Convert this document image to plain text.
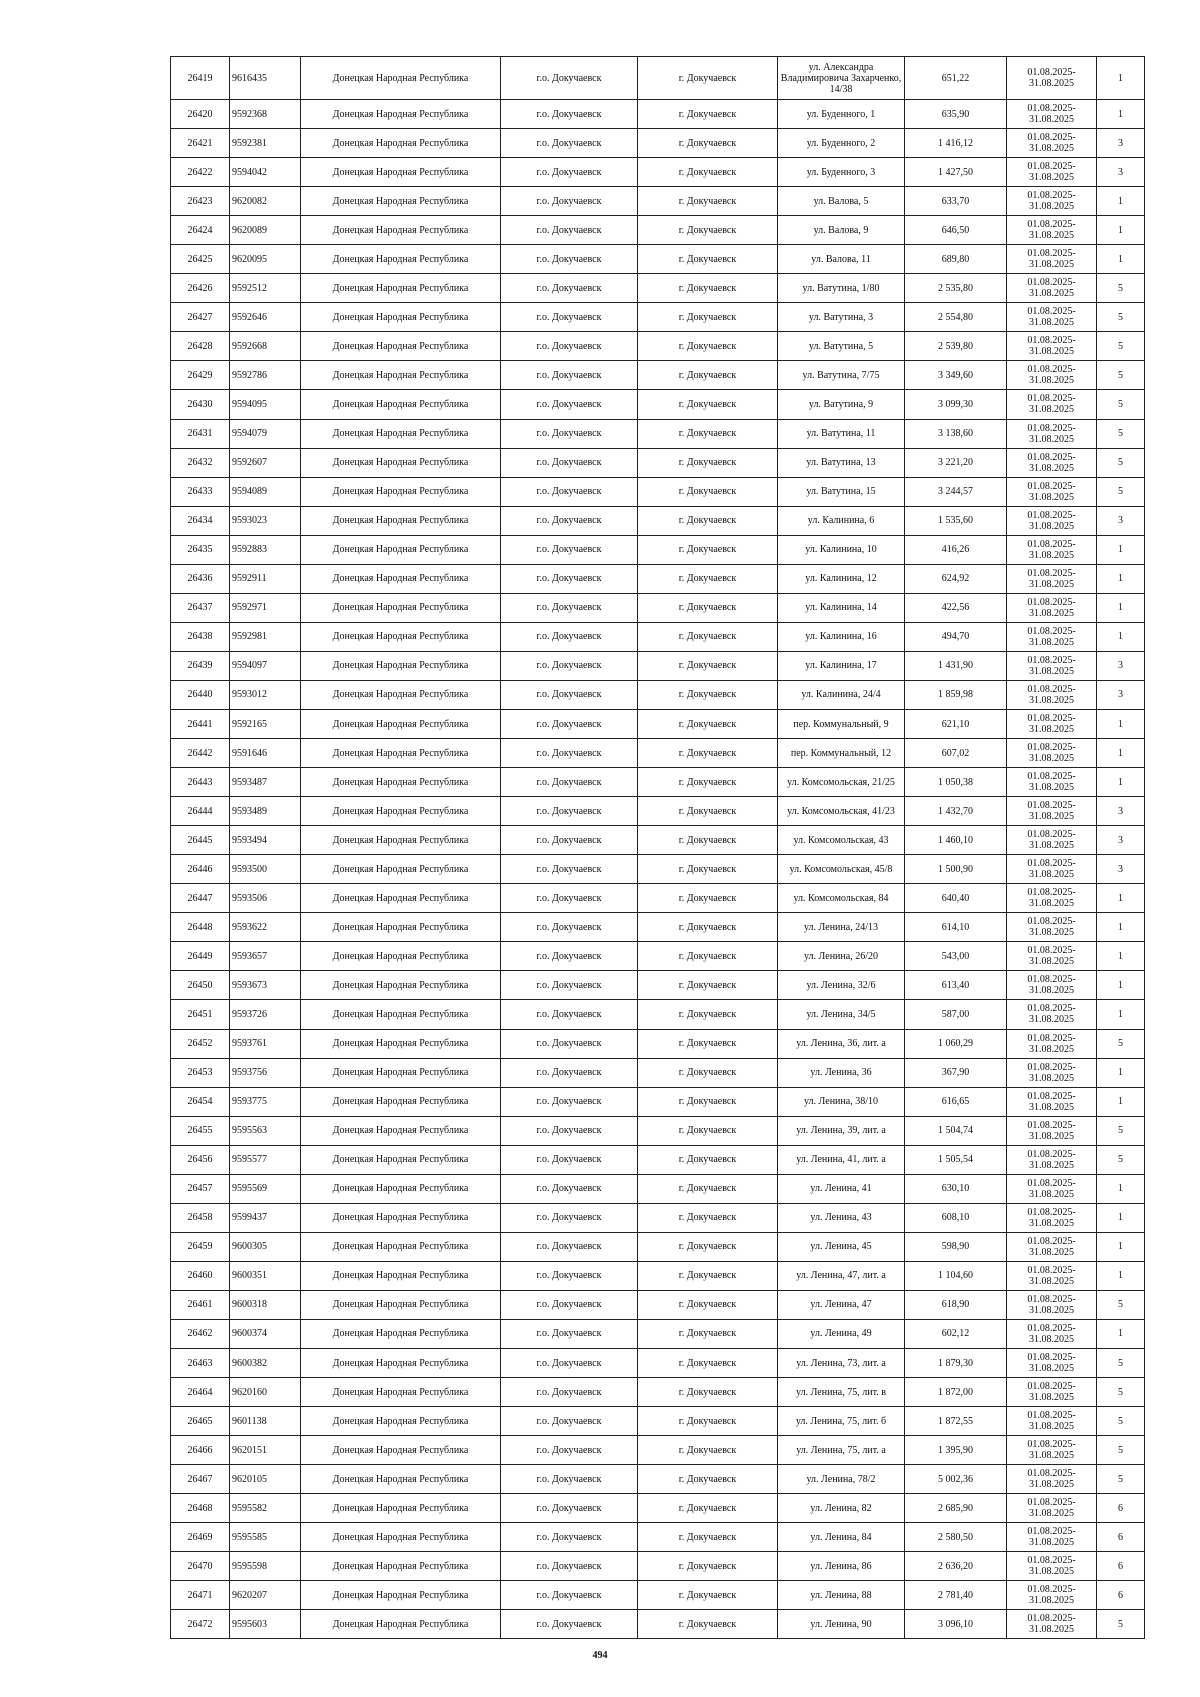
26419	9616435	Донецкая Народная Республика	г.о. Докучаевск	г. Докучаевск	ул. Александра Владимировича Захарченко, 14/38	651,22	01.08.2025- 31.08.2025	1
26420	9592368	Донецкая Народная Республика	г.о. Докучаевск	г. Докучаевск	ул. Буденного, 1	635,90	01.08.2025- 31.08.2025	1
26421	9592381	Донецкая Народная Республика	г.о. Докучаевск	г. Докучаевск	ул. Буденного, 2	1 416,12	01.08.2025- 31.08.2025	3
26422	9594042	Донецкая Народная Республика	г.о. Докучаевск	г. Докучаевск	ул. Буденного, 3	1 427,50	01.08.2025- 31.08.2025	3
26423	9620082	Донецкая Народная Республика	г.о. Докучаевск	г. Докучаевск	ул. Валова, 5	633,70	01.08.2025- 31.08.2025	1
26424	9620089	Донецкая Народная Республика	г.о. Докучаевск	г. Докучаевск	ул. Валова, 9	646,50	01.08.2025- 31.08.2025	1
26425	9620095	Донецкая Народная Республика	г.о. Докучаевск	г. Докучаевск	ул. Валова, 11	689,80	01.08.2025- 31.08.2025	1
26426	9592512	Донецкая Народная Республика	г.о. Докучаевск	г. Докучаевск	ул. Ватутина, 1/80	2 535,80	01.08.2025- 31.08.2025	5
26427	9592646	Донецкая Народная Республика	г.о. Докучаевск	г. Докучаевск	ул. Ватутина, 3	2 554,80	01.08.2025- 31.08.2025	5
26428	9592668	Донецкая Народная Республика	г.о. Докучаевск	г. Докучаевск	ул. Ватутина, 5	2 539,80	01.08.2025- 31.08.2025	5
26429	9592786	Донецкая Народная Республика	г.о. Докучаевск	г. Докучаевск	ул. Ватутина, 7/75	3 349,60	01.08.2025- 31.08.2025	5
26430	9594095	Донецкая Народная Республика	г.о. Докучаевск	г. Докучаевск	ул. Ватутина, 9	3 099,30	01.08.2025- 31.08.2025	5
26431	9594079	Донецкая Народная Республика	г.о. Докучаевск	г. Докучаевск	ул. Ватутина, 11	3 138,60	01.08.2025- 31.08.2025	5
26432	9592607	Донецкая Народная Республика	г.о. Докучаевск	г. Докучаевск	ул. Ватутина, 13	3 221,20	01.08.2025- 31.08.2025	5
26433	9594089	Донецкая Народная Республика	г.о. Докучаевск	г. Докучаевск	ул. Ватутина, 15	3 244,57	01.08.2025- 31.08.2025	5
26434	9593023	Донецкая Народная Республика	г.о. Докучаевск	г. Докучаевск	ул. Калинина, 6	1 535,60	01.08.2025- 31.08.2025	3
26435	9592883	Донецкая Народная Республика	г.о. Докучаевск	г. Докучаевск	ул. Калинина, 10	416,26	01.08.2025- 31.08.2025	1
26436	9592911	Донецкая Народная Республика	г.о. Докучаевск	г. Докучаевск	ул. Калинина, 12	624,92	01.08.2025- 31.08.2025	1
26437	9592971	Донецкая Народная Республика	г.о. Докучаевск	г. Докучаевск	ул. Калинина, 14	422,56	01.08.2025- 31.08.2025	1
26438	9592981	Донецкая Народная Республика	г.о. Докучаевск	г. Докучаевск	ул. Калинина, 16	494,70	01.08.2025- 31.08.2025	1
26439	9594097	Донецкая Народная Республика	г.о. Докучаевск	г. Докучаевск	ул. Калинина, 17	1 431,90	01.08.2025- 31.08.2025	3
26440	9593012	Донецкая Народная Республика	г.о. Докучаевск	г. Докучаевск	ул. Калинина, 24/4	1 859,98	01.08.2025- 31.08.2025	3
26441	9592165	Донецкая Народная Республика	г.о. Докучаевск	г. Докучаевск	пер. Коммунальный, 9	621,10	01.08.2025- 31.08.2025	1
26442	9591646	Донецкая Народная Республика	г.о. Докучаевск	г. Докучаевск	пер. Коммунальный, 12	607,02	01.08.2025- 31.08.2025	1
26443	9593487	Донецкая Народная Республика	г.о. Докучаевск	г. Докучаевск	ул. Комсомольская, 21/25	1 050,38	01.08.2025- 31.08.2025	1
26444	9593489	Донецкая Народная Республика	г.о. Докучаевск	г. Докучаевск	ул. Комсомольская, 41/23	1 432,70	01.08.2025- 31.08.2025	3
26445	9593494	Донецкая Народная Республика	г.о. Докучаевск	г. Докучаевск	ул. Комсомольская, 43	1 460,10	01.08.2025- 31.08.2025	3
26446	9593500	Донецкая Народная Республика	г.о. Докучаевск	г. Докучаевск	ул. Комсомольская, 45/8	1 500,90	01.08.2025- 31.08.2025	3
26447	9593506	Донецкая Народная Республика	г.о. Докучаевск	г. Докучаевск	ул. Комсомольская, 84	640,40	01.08.2025- 31.08.2025	1
26448	9593622	Донецкая Народная Республика	г.о. Докучаевск	г. Докучаевск	ул. Ленина, 24/13	614,10	01.08.2025- 31.08.2025	1
26449	9593657	Донецкая Народная Республика	г.о. Докучаевск	г. Докучаевск	ул. Ленина, 26/20	543,00	01.08.2025- 31.08.2025	1
26450	9593673	Донецкая Народная Республика	г.о. Докучаевск	г. Докучаевск	ул. Ленина, 32/6	613,40	01.08.2025- 31.08.2025	1
26451	9593726	Донецкая Народная Республика	г.о. Докучаевск	г. Докучаевск	ул. Ленина, 34/5	587,00	01.08.2025- 31.08.2025	1
26452	9593761	Донецкая Народная Республика	г.о. Докучаевск	г. Докучаевск	ул. Ленина, 36, лит. а	1 060,29	01.08.2025- 31.08.2025	5
26453	9593756	Донецкая Народная Республика	г.о. Докучаевск	г. Докучаевск	ул. Ленина, 36	367,90	01.08.2025- 31.08.2025	1
26454	9593775	Донецкая Народная Республика	г.о. Докучаевск	г. Докучаевск	ул. Ленина, 38/10	616,65	01.08.2025- 31.08.2025	1
26455	9595563	Донецкая Народная Республика	г.о. Докучаевск	г. Докучаевск	ул. Ленина, 39, лит. а	1 504,74	01.08.2025- 31.08.2025	5
26456	9595577	Донецкая Народная Республика	г.о. Докучаевск	г. Докучаевск	ул. Ленина, 41, лит. а	1 505,54	01.08.2025- 31.08.2025	5
26457	9595569	Донецкая Народная Республика	г.о. Докучаевск	г. Докучаевск	ул. Ленина, 41	630,10	01.08.2025- 31.08.2025	1
26458	9599437	Донецкая Народная Республика	г.о. Докучаевск	г. Докучаевск	ул. Ленина, 43	608,10	01.08.2025- 31.08.2025	1
26459	9600305	Донецкая Народная Республика	г.о. Докучаевск	г. Докучаевск	ул. Ленина, 45	598,90	01.08.2025- 31.08.2025	1
26460	9600351	Донецкая Народная Республика	г.о. Докучаевск	г. Докучаевск	ул. Ленина, 47, лит. а	1 104,60	01.08.2025- 31.08.2025	1
26461	9600318	Донецкая Народная Республика	г.о. Докучаевск	г. Докучаевск	ул. Ленина, 47	618,90	01.08.2025- 31.08.2025	5
26462	9600374	Донецкая Народная Республика	г.о. Докучаевск	г. Докучаевск	ул. Ленина, 49	602,12	01.08.2025- 31.08.2025	1
26463	9600382	Донецкая Народная Республика	г.о. Докучаевск	г. Докучаевск	ул. Ленина, 73, лит. а	1 879,30	01.08.2025- 31.08.2025	5
26464	9620160	Донецкая Народная Республика	г.о. Докучаевск	г. Докучаевск	ул. Ленина, 75, лит. в	1 872,00	01.08.2025- 31.08.2025	5
26465	9601138	Донецкая Народная Республика	г.о. Докучаевск	г. Докучаевск	ул. Ленина, 75, лит. б	1 872,55	01.08.2025- 31.08.2025	5
26466	9620151	Донецкая Народная Республика	г.о. Докучаевск	г. Докучаевск	ул. Ленина, 75, лит. а	1 395,90	01.08.2025- 31.08.2025	5
26467	9620105	Донецкая Народная Республика	г.о. Докучаевск	г. Докучаевск	ул. Ленина, 78/2	5 002,36	01.08.2025- 31.08.2025	5
26468	9595582	Донецкая Народная Республика	г.о. Докучаевск	г. Докучаевск	ул. Ленина, 82	2 685,90	01.08.2025- 31.08.2025	6
26469	9595585	Донецкая Народная Республика	г.о. Докучаевск	г. Докучаевск	ул. Ленина, 84	2 580,50	01.08.2025- 31.08.2025	6
26470	9595598	Донецкая Народная Республика	г.о. Докучаевск	г. Докучаевск	ул. Ленина, 86	2 636,20	01.08.2025- 31.08.2025	6
26471	9620207	Донецкая Народная Республика	г.о. Докучаевск	г. Докучаевск	ул. Ленина, 88	2 781,40	01.08.2025- 31.08.2025	6
26472	9595603	Донецкая Народная Республика	г.о. Докучаевск	г. Докучаевск	ул. Ленина, 90	3 096,10	01.08.2025- 31.08.2025	5
494
